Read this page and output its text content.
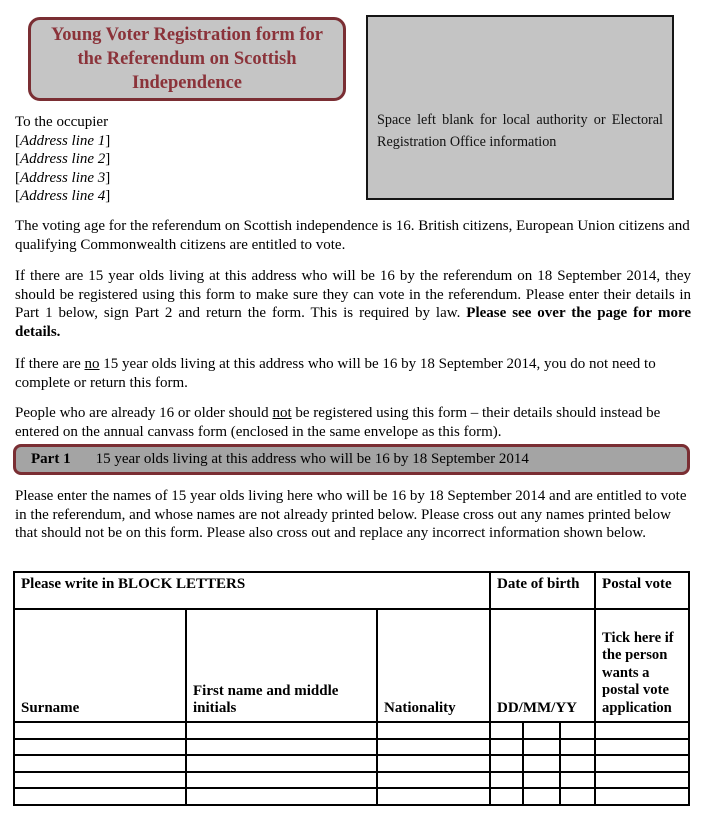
Young Voter Registration form for
the Referendum on Scottish
Independence
Space left blank for local authority or Electoral Registration Office information
To the occupier
[Address line 1]
[Address line 2]
[Address line 3]
[Address line 4]

The voting age for the referendum on Scottish independence is 16. British citizens, European Union citizens and qualifying Commonwealth citizens are entitled to vote.

If there are 15 year olds living at this address who will be 16 by the referendum on 18 September 2014, they should be registered using this form to make sure they can vote in the referendum. Please enter their details in Part 1 below, sign Part 2 and return the form. This is required by law. Please see over the page for more details.

If there are no 15 year olds living at this address who will be 16 by 18 September 2014, you do not need to complete or return this form.

People who are already 16 or older should not be registered using this form – their details should instead be entered on the annual canvass form (enclosed in the same envelope as this form).

Part 1 15 year olds living at this address who will be 16 by 18 September 2014

Please enter the names of 15 year olds living here who will be 16 by 18 September 2014 and are entitled to vote in the referendum, and whose names are not already printed below. Please cross out any names printed below that should not be on this form. Please also cross out and replace any incorrect information shown below.

Please write in BLOCK LETTERS			Date of birth			Postal vote
Surname	First name and middle initials	Nationality	DD/MM/YY			Tick here if the person wants a postal vote application
